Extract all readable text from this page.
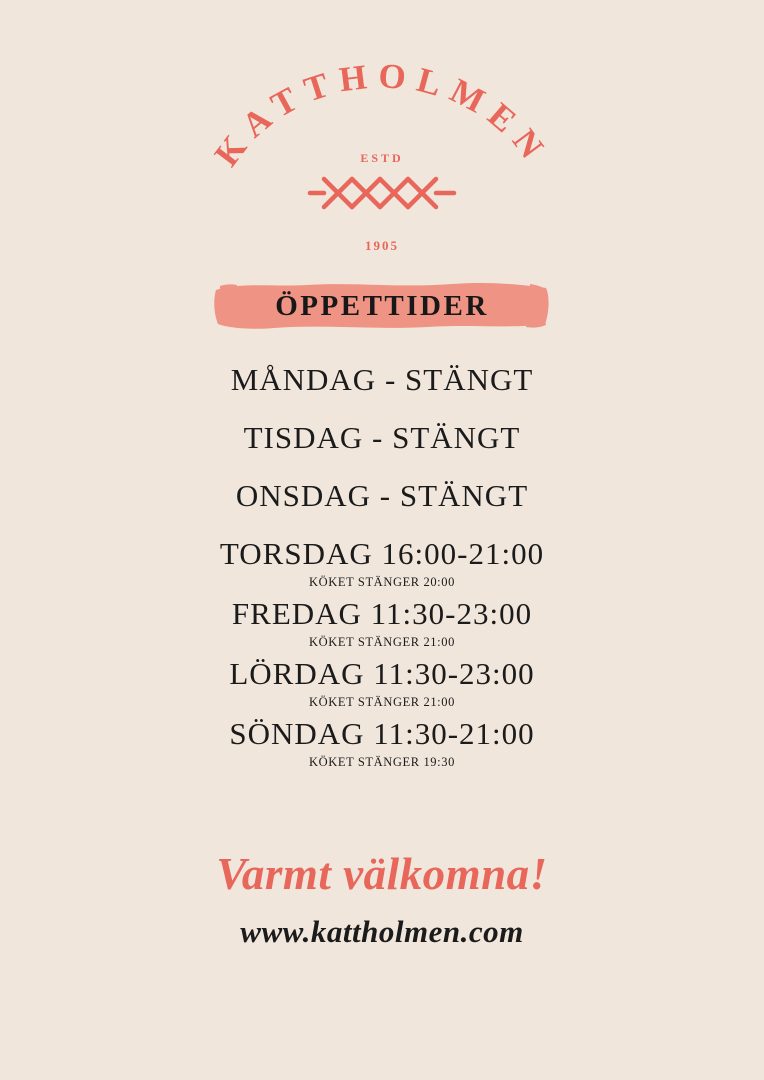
KATTHOLMEN
ESTD
1905
ÖPPETTIDER
MÅNDAG - STÄNGT
TISDAG - STÄNGT
ONSDAG - STÄNGT
TORSDAG 16:00-21:00
KÖKET STÄNGER 20:00
FREDAG 11:30-23:00
KÖKET STÄNGER 21:00
LÖRDAG 11:30-23:00
KÖKET STÄNGER 21:00
SÖNDAG 11:30-21:00
KÖKET STÄNGER 19:30
Varmt välkomna!
www.kattholmen.com
